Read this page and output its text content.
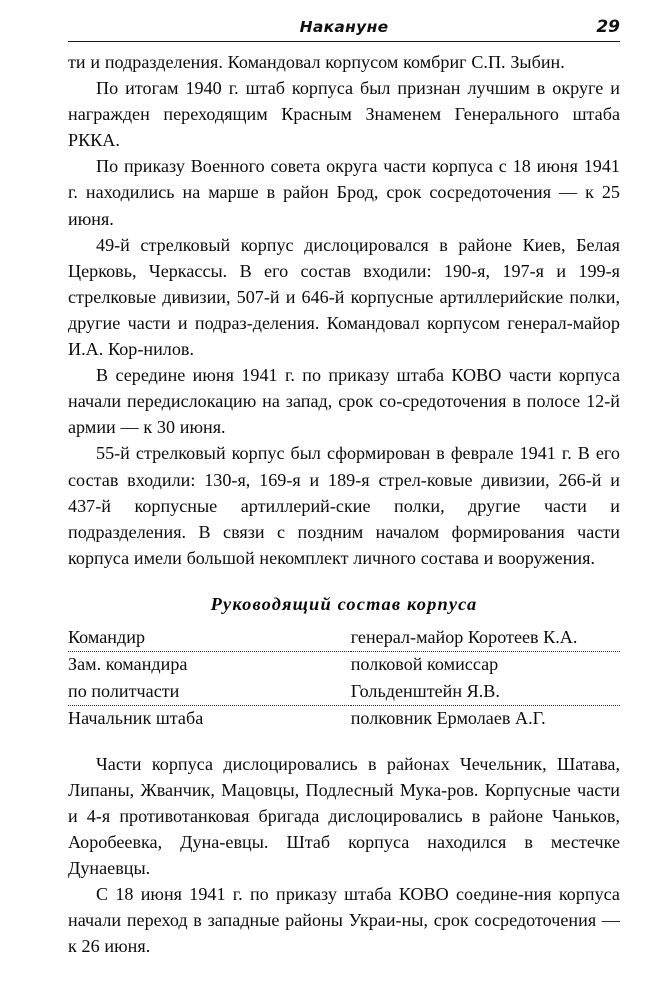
Накануне	29

ти и подразделения. Командовал корпусом комбриг С.П. Зыбин.

По итогам 1940 г. штаб корпуса был признан лучшим в округе и награжден переходящим Красным Знаменем Генерального штаба РККА.

По приказу Военного совета округа части корпуса с 18 июня 1941 г. находились на марше в район Брод, срок сосредоточения — к 25 июня.

49-​й стрелковый корпус дислоцировался в районе Киев, Белая Церковь, Черкассы. В его состав входили: 190-​я, 197-​я и 199-​я стрелковые дивизии, 507-​й и 646-​й корпусные артиллерийские полки, другие части и подраз-​деления. Командовал корпусом генерал-​майор И.А. Кор-​нилов.

В середине июня 1941 г. по приказу штаба КОВО части корпуса начали передислокацию на запад, срок со-​средоточения в полосе 12-​й армии — к 30 июня.

55-​й стрелковый корпус был сформирован в феврале 1941 г. В его состав входили: 130-​я, 169-​я и 189-​я стрел-​ковые дивизии, 266-​й и 437-​й корпусные артиллерий-​ские полки, другие части и подразделения. В связи с поздним началом формирования части корпуса имели большой некомплект личного состава и вооружения.

Руководящий состав корпуса
Командир	генерал-​майор Коротеев К.А.

Зам. командира	полковой комиссар

по политчасти	Гольденштейн Я.В.

Начальник штаба	полковник Ермолаев А.Г.

Части корпуса дислоцировались в районах Чечельник, Шатава, Липаны, Жванчик, Мацовцы, Подлесный Мука-​ров. Корпусные части и 4-​я противотанковая бригада дислоцировались в районе Чаньков, Аоробеевка, Дуна-​евцы. Штаб корпуса находился в местечке Дунаевцы.

С 18 июня 1941 г. по приказу штаба КОВО соедине-​ния корпуса начали переход в западные районы Украи-​ны, срок сосредоточения — к 26 июня.
